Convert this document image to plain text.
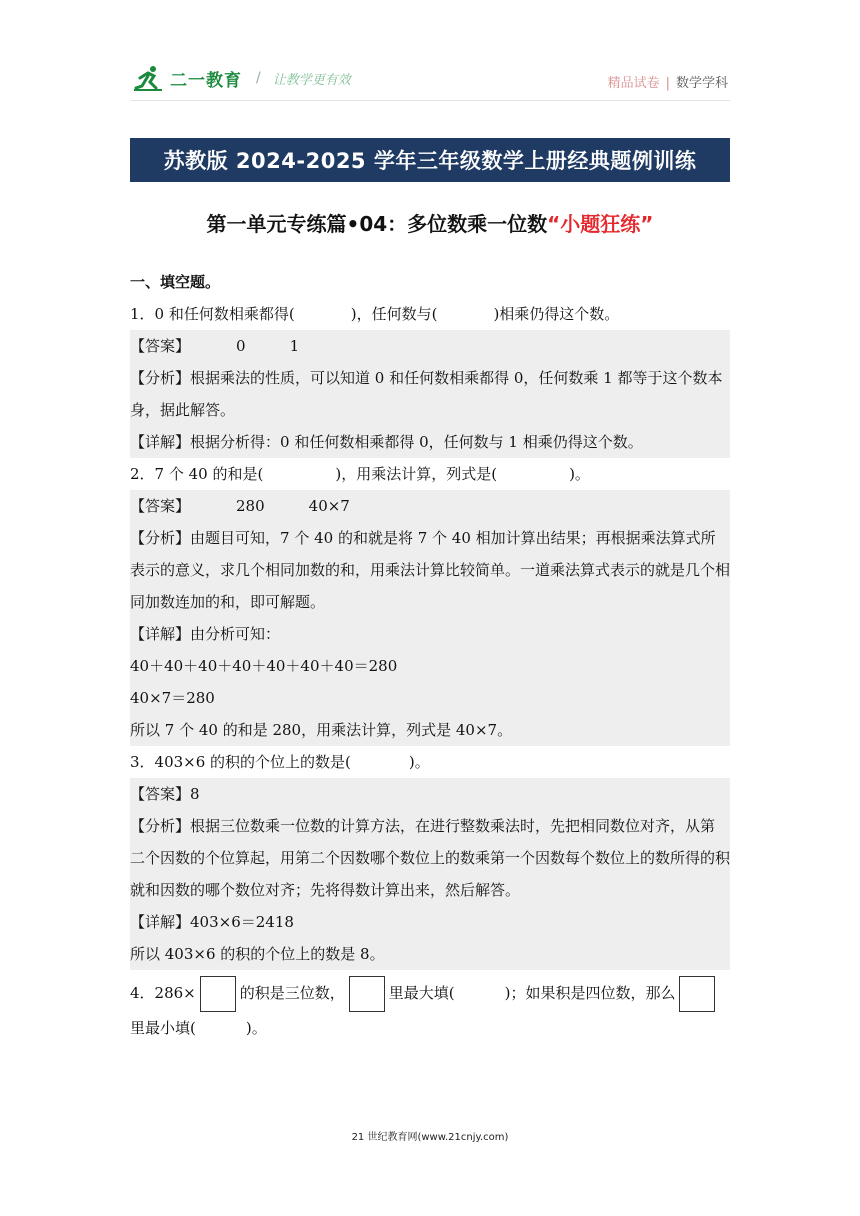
二一教育 / 让教学更有效	精品试卷 | 数学学科
苏教版 2024-2025 学年三年级数学上册经典题例训练
第一单元专练篇•04：多位数乘一位数“小题狂练”
一、填空题。
1．0 和任何数相乘都得(	)，任何数与(	)相乘仍得这个数。
【答案】	0	1
【分析】根据乘法的性质，可以知道 0 和任何数相乘都得 0，任何数乘 1 都等于这个数本身，据此解答。
【详解】根据分析得：0 和任何数相乘都得 0，任何数与 1 相乘仍得这个数。
2．7 个 40 的和是(	)，用乘法计算，列式是(	)。
【答案】	280	40×7
【分析】由题目可知，7 个 40 的和就是将 7 个 40 相加计算出结果；再根据乘法算式所表示的意义，求几个相同加数的和，用乘法计算比较简单。一道乘法算式表示的就是几个相同加数连加的和，即可解题。
【详解】由分析可知：
40＋40＋40＋40＋40＋40＋40＝280
40×7＝280
所以 7 个 40 的和是 280，用乘法计算，列式是 40×7。
3．403×6 的积的个位上的数是(	)。
【答案】8
【分析】根据三位数乘一位数的计算方法，在进行整数乘法时，先把相同数位对齐，从第二个因数的个位算起，用第二个因数哪个数位上的数乘第一个因数每个数位上的数所得的积就和因数的哪个数位对齐；先将得数计算出来，然后解答。
【详解】403×6＝2418
所以 403×6 的积的个位上的数是 8。
4．286×	的积是三位数，	里最大填(	)；如果积是四位数，那么
里最小填(	)。
21 世纪教育网(www.21cnjy.com)
